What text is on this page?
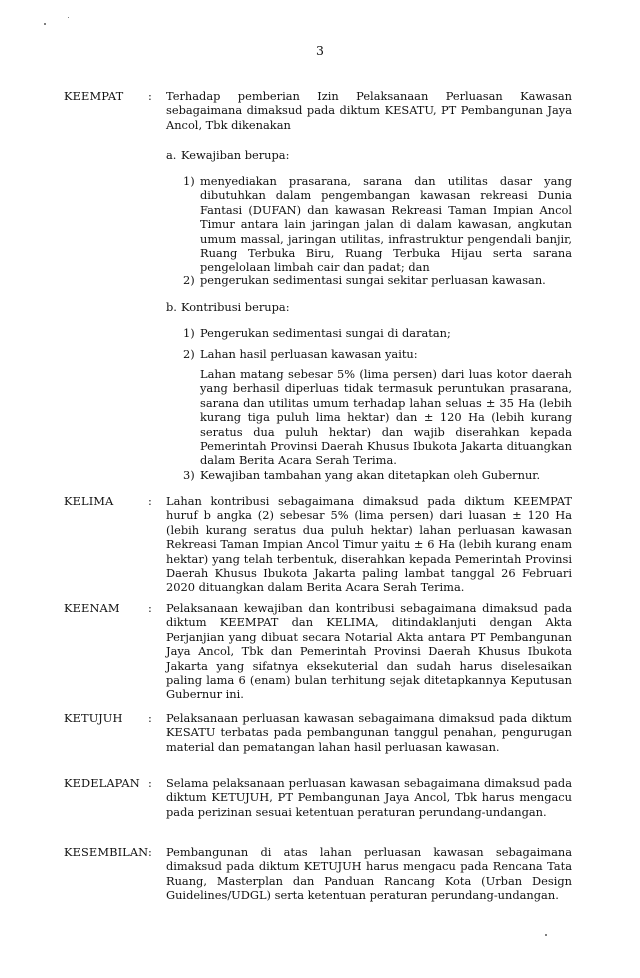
3
KEEMPAT	: Terhadap pemberian Izin Pelaksanaan Perluasan Kawasan sebagaimana dimaksud pada diktum KESATU, PT Pembangunan Jaya Ancol, Tbk dikenakan
a. Kewajiban berupa:
1) menyediakan prasarana, sarana dan utilitas dasar yang dibutuhkan dalam pengembangan kawasan rekreasi Dunia Fantasi (DUFAN) dan kawasan Rekreasi Taman Impian Ancol Timur antara lain jaringan jalan di dalam kawasan, angkutan umum massal, jaringan utilitas, infrastruktur pengendali banjir, Ruang Terbuka Biru, Ruang Terbuka Hijau serta sarana pengelolaan limbah cair dan padat; dan
2) pengerukan sedimentasi sungai sekitar perluasan kawasan.
b. Kontribusi berupa:
1) Pengerukan sedimentasi sungai di daratan;
2) Lahan hasil perluasan kawasan yaitu:
Lahan matang sebesar 5% (lima persen) dari luas kotor daerah yang berhasil diperluas tidak termasuk peruntukan prasarana, sarana dan utilitas umum terhadap lahan seluas ± 35 Ha (lebih kurang tiga puluh lima hektar) dan ± 120 Ha (lebih kurang seratus dua puluh hektar) dan wajib diserahkan kepada Pemerintah Provinsi Daerah Khusus Ibukota Jakarta dituangkan dalam Berita Acara Serah Terima.
3) Kewajiban tambahan yang akan ditetapkan oleh Gubernur.
KELIMA	: Lahan kontribusi sebagaimana dimaksud pada diktum KEEMPAT huruf b angka (2) sebesar 5% (lima persen) dari luasan ± 120 Ha (lebih kurang seratus dua puluh hektar) lahan perluasan kawasan Rekreasi Taman Impian Ancol Timur yaitu ± 6 Ha (lebih kurang enam hektar) yang telah terbentuk, diserahkan kepada Pemerintah Provinsi Daerah Khusus Ibukota Jakarta paling lambat tanggal 26 Februari 2020 dituangkan dalam Berita Acara Serah Terima.
KEENAM	: Pelaksanaan kewajiban dan kontribusi sebagaimana dimaksud pada diktum KEEMPAT dan KELIMA, ditindaklanjuti dengan Akta Perjanjian yang dibuat secara Notarial Akta antara PT Pembangunan Jaya Ancol, Tbk dan Pemerintah Provinsi Daerah Khusus Ibukota Jakarta yang sifatnya eksekuterial dan sudah harus diselesaikan paling lama 6 (enam) bulan terhitung sejak ditetapkannya Keputusan Gubernur ini.
KETUJUH	: Pelaksanaan perluasan kawasan sebagaimana dimaksud pada diktum KESATU terbatas pada pembangunan tanggul penahan, pengurugan material dan pematangan lahan hasil perluasan kawasan.
KEDELAPAN : Selama pelaksanaan perluasan kawasan sebagaimana dimaksud pada diktum KETUJUH, PT Pembangunan Jaya Ancol, Tbk harus mengacu pada perizinan sesuai ketentuan peraturan perundang-undangan.
KESEMBILAN : Pembangunan di atas lahan perluasan kawasan sebagaimana dimaksud pada diktum KETUJUH harus mengacu pada Rencana Tata Ruang, Masterplan dan Panduan Rancang Kota (Urban Design Guidelines/UDGL) serta ketentuan peraturan perundang-undangan.
